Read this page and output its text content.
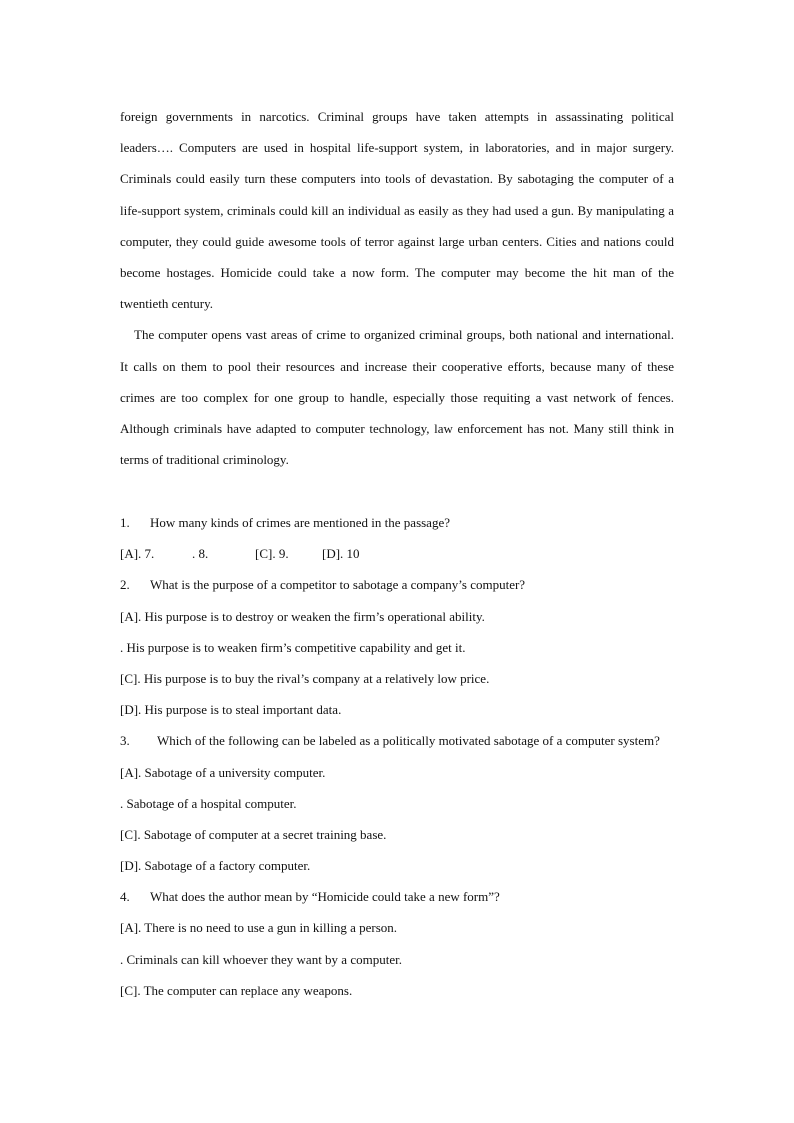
foreign governments in narcotics. Criminal groups have taken attempts in assassinating political leaders…. Computers are used in hospital life-support system, in laboratories, and in major surgery. Criminals could easily turn these computers into tools of devastation. By sabotaging the computer of a life-support system, criminals could kill an individual as easily as they had used a gun. By manipulating a computer, they could guide awesome tools of terror against large urban centers. Cities and nations could become hostages. Homicide could take a now form. The computer may become the hit man of the twentieth century.

The computer opens vast areas of crime to organized criminal groups, both national and international. It calls on them to pool their resources and increase their cooperative efforts, because many of these crimes are too complex for one group to handle, especially those requiting a vast network of fences. Although criminals have adapted to computer technology, law enforcement has not. Many still think in terms of traditional criminology.

1. How many kinds of crimes are mentioned in the passage?
[A]. 7.	. 8.	[C]. 9.	[D]. 10
2. What is the purpose of a competitor to sabotage a company’s computer?
[A]. His purpose is to destroy or weaken the firm’s operational ability.
. His purpose is to weaken firm’s competitive capability and get it.
[C]. His purpose is to buy the rival’s company at a relatively low price.
[D]. His purpose is to steal important data.
3. Which of the following can be labeled as a politically motivated sabotage of a computer system?
[A]. Sabotage of a university computer.
. Sabotage of a hospital computer.
[C]. Sabotage of computer at a secret training base.
[D]. Sabotage of a factory computer.
4. What does the author mean by “Homicide could take a new form”?
[A]. There is no need to use a gun in killing a person.
. Criminals can kill whoever they want by a computer.
[C]. The computer can replace any weapons.
